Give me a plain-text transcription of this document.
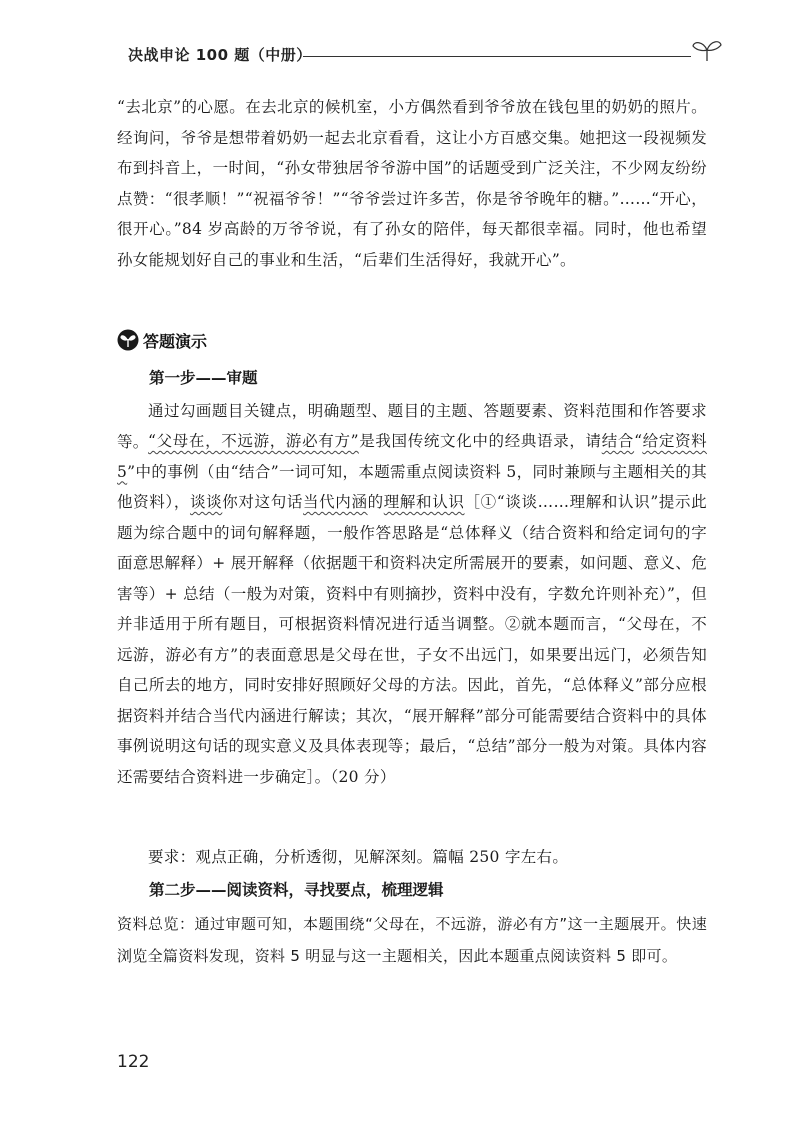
决战申论 100 题（中册）

“去北京”的心愿。在去北京的候机室，小方偶然看到爷爷放在钱包里的奶奶的照片。经询问，爷爷是想带着奶奶一起去北京看看，这让小方百感交集。她把这一段视频发布到抖音上，一时间，“孙女带独居爷爷游中国”的话题受到广泛关注，不少网友纷纷点赞：“很孝顺！”“祝福爷爷！”“爷爷尝过许多苦，你是爷爷晚年的糖。”……“开心，很开心。”84 岁高龄的万爷爷说，有了孙女的陪伴，每天都很幸福。同时，他也希望孙女能规划好自己的事业和生活，“后辈们生活得好，我就开心”。

答题演示
第一步——审题

通过勾画题目关键点，明确题型、题目的主题、答题要素、资料范围和作答要求等。 “父母在，不远游，游必有方”是我国传统文化中的经典语录，请结合“给定资料 5”中的事例（由“结合”一词可知，本题需重点阅读资料 5，同时兼顾与主题相关的其他资料），谈谈你对这句话当代内涵的理解和认识［①“谈谈……理解和认识”提示此题为综合题中的词句解释题，一般作答思路是“总体释义（结合资料和给定词句的字面意思解释）+ 展开解释（依据题干和资料决定所需展开的要素，如问题、意义、危害等）+ 总结（一般为对策，资料中有则摘抄，资料中没有，字数允许则补充）”，但并非适用于所有题目，可根据资料情况进行适当调整。②就本题而言，“父母在，不远游，游必有方”的表面意思是父母在世，子女不出远门，如果要出远门，必须告知自己所去的地方，同时安排好照顾好父母的方法。因此，首先，“总体释义”部分应根据资料并结合当代内涵进行解读；其次，“展开解释”部分可能需要结合资料中的具体事例说明这句话的现实意义及具体表现等；最后，“总结”部分一般为对策。具体内容还需要结合资料进一步确定］。（20 分）

要求：观点正确，分析透彻，见解深刻。篇幅 250 字左右。

第二步——阅读资料，寻找要点，梳理逻辑

资料总览：通过审题可知，本题围绕“父母在，不远游，游必有方”这一主题展开。快速浏览全篇资料发现，资料 5 明显与这一主题相关，因此本题重点阅读资料 5 即可。

122
